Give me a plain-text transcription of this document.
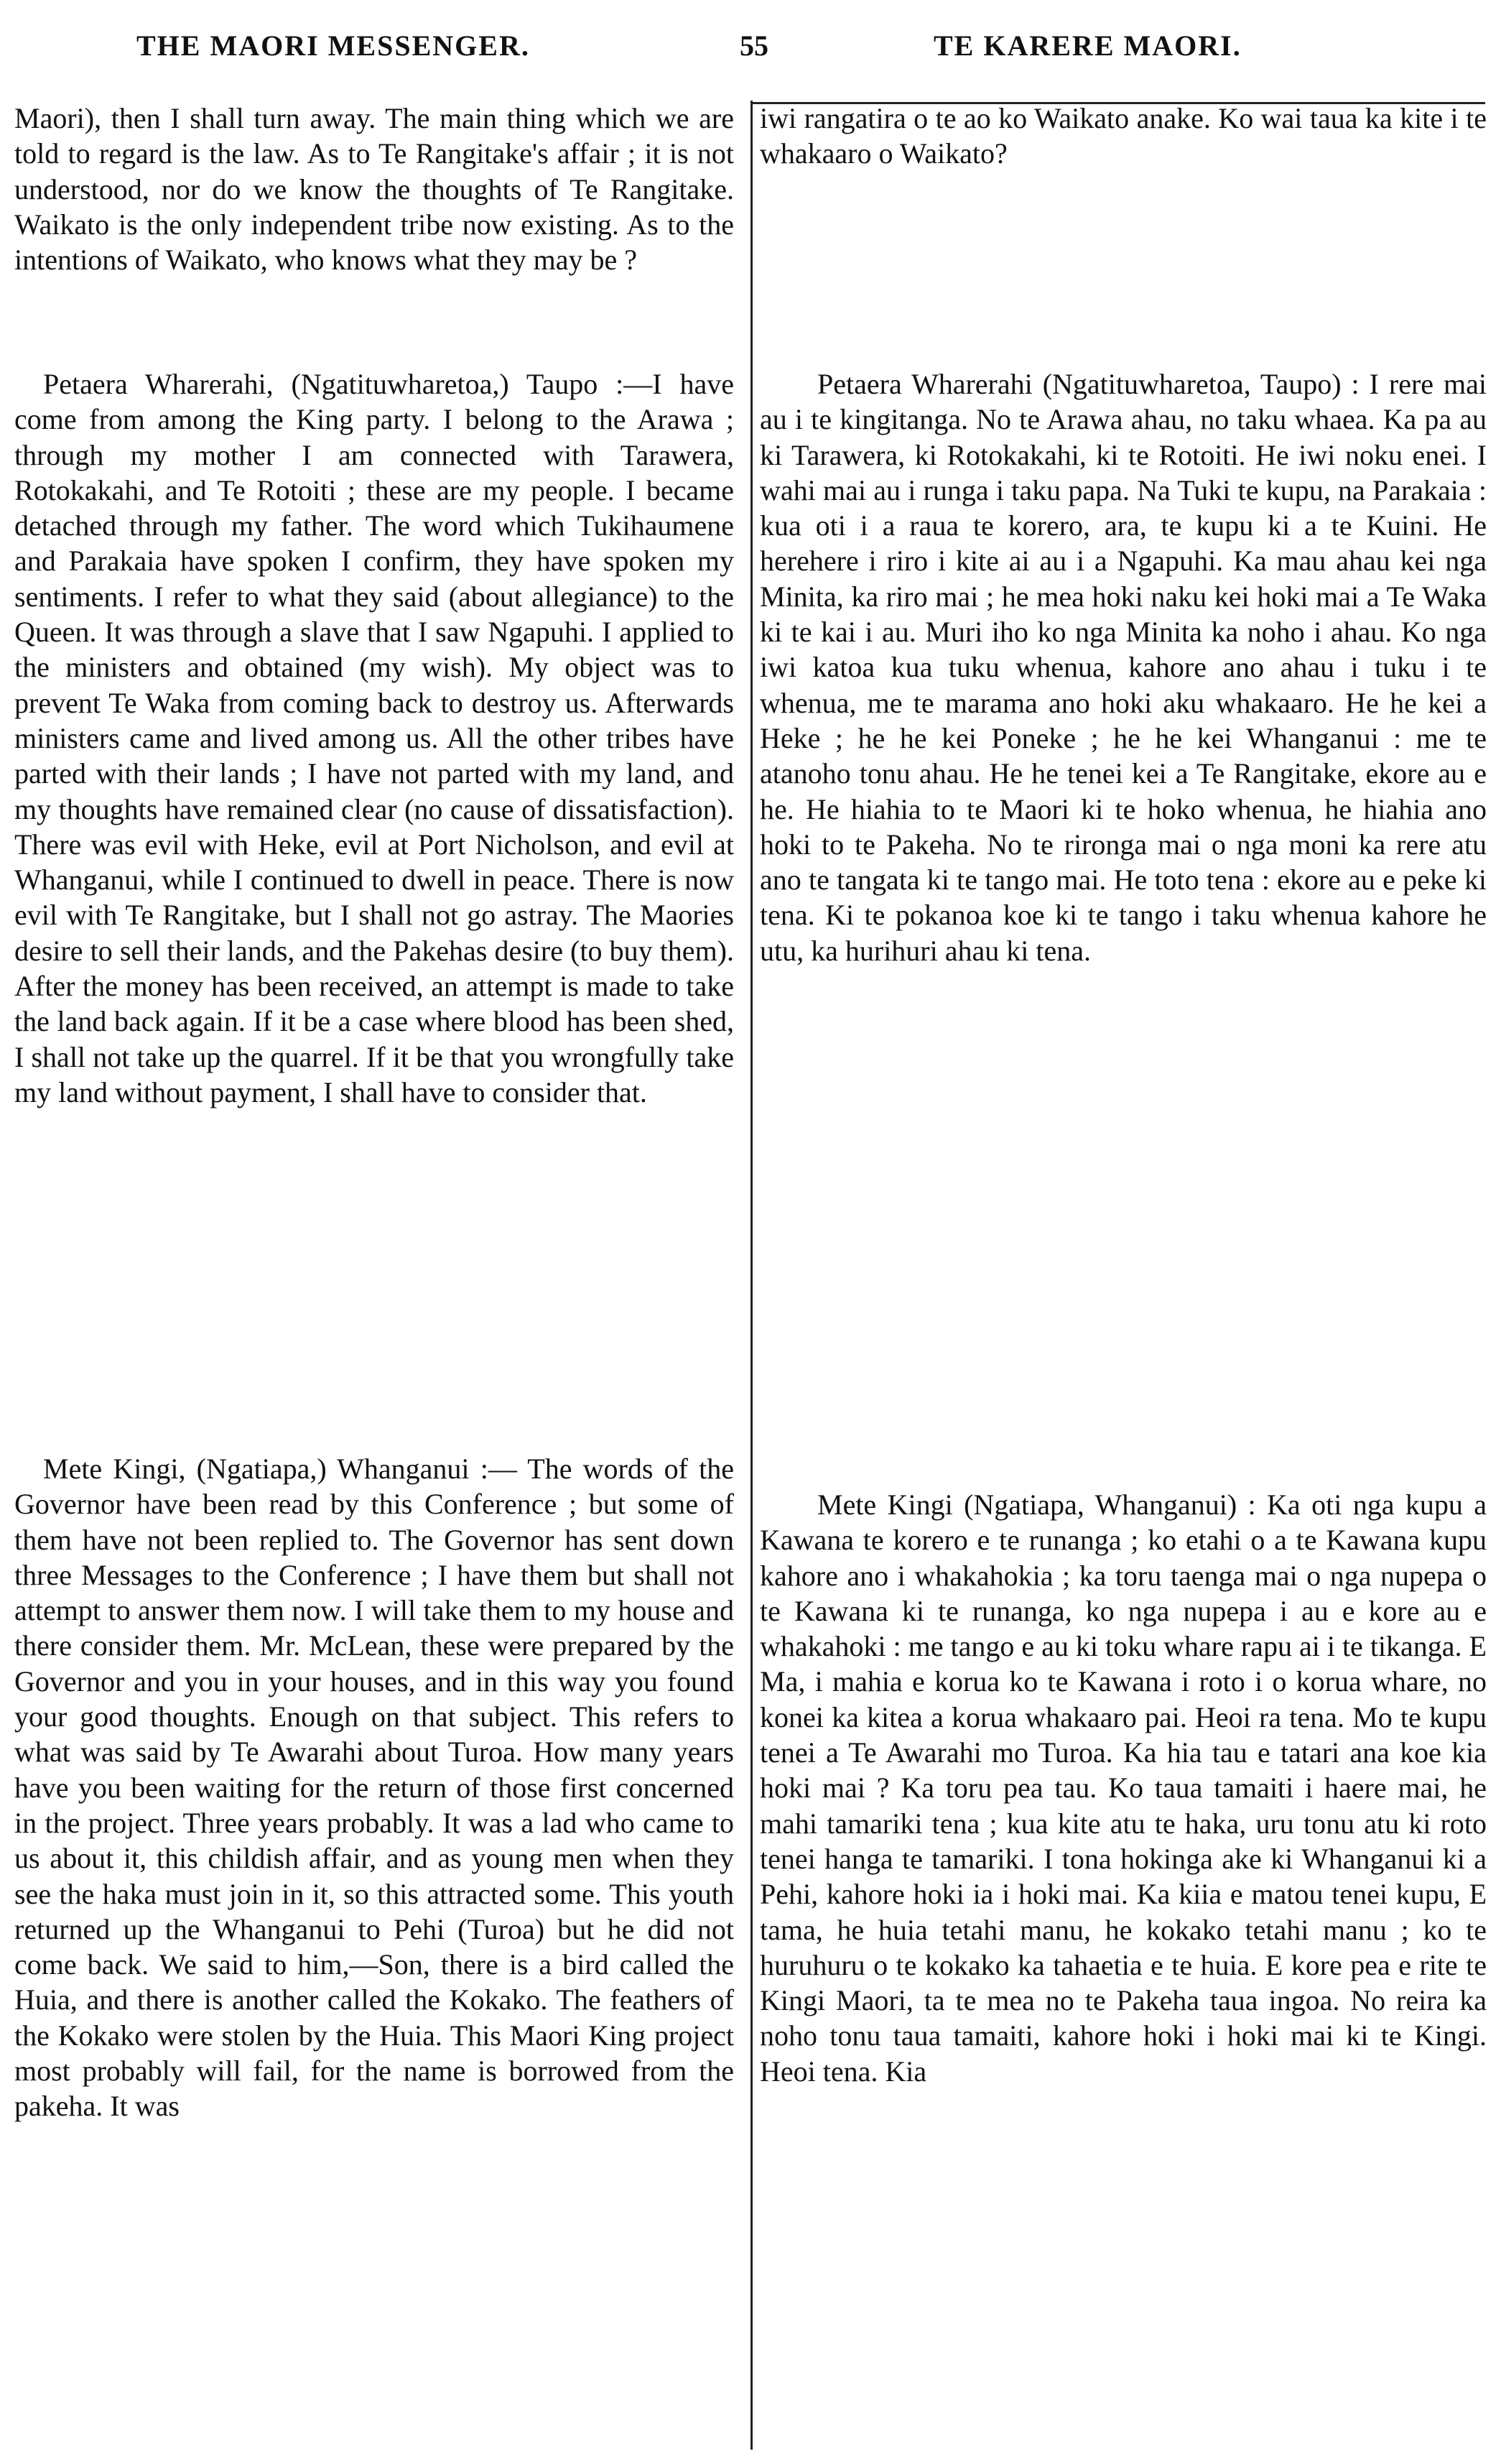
THE MAORI MESSENGER.	55	TE KARERE MAORI.

Maori), then I shall turn away. The main thing which we are told to regard is the law. As to Te Rangitake's affair ; it is not understood, nor do we know the thoughts of Te Rangitake. Waikato is the only independent tribe now existing. As to the intentions of Waikato, who knows what they may be ?

Petaera Wharerahi, (Ngatituwharetoa,) Taupo :—I have come from among the King party. I belong to the Arawa ; through my mother I am connected with Tarawera, Rotokakahi, and Te Rotoiti ; these are my people. I became detached through my father. The word which Tukihaumene and Parakaia have spoken I confirm, they have spoken my sentiments. I refer to what they said (about allegiance) to the Queen. It was through a slave that I saw Ngapuhi. I applied to the ministers and obtained (my wish). My object was to prevent Te Waka from coming back to destroy us. Afterwards ministers came and lived among us. All the other tribes have parted with their lands ; I have not parted with my land, and my thoughts have remained clear (no cause of dissatisfaction). There was evil with Heke, evil at Port Nicholson, and evil at Whanganui, while I continued to dwell in peace. There is now evil with Te Rangitake, but I shall not go astray. The Maories desire to sell their lands, and the Pakehas desire (to buy them). After the money has been received, an attempt is made to take the land back again. If it be a case where blood has been shed, I shall not take up the quarrel. If it be that you wrongfully take my land without payment, I shall have to consider that.

Mete Kingi, (Ngatiapa,) Whanganui :— The words of the Governor have been read by this Conference ; but some of them have not been replied to. The Governor has sent down three Messages to the Conference ; I have them but shall not attempt to answer them now. I will take them to my house and there consider them. Mr. McLean, these were prepared by the Governor and you in your houses, and in this way you found your good thoughts. Enough on that subject. This refers to what was said by Te Awarahi about Turoa. How many years have you been waiting for the return of those first concerned in the project. Three years probably. It was a lad who came to us about it, this childish affair, and as young men when they see the haka must join in it, so this attracted some. This youth returned up the Whanganui to Pehi (Turoa) but he did not come back. We said to him,—Son, there is a bird called the Huia, and there is another called the Kokako. The feathers of the Kokako were stolen by the Huia. This Maori King project most probably will fail, for the name is borrowed from the pakeha. It was

iwi rangatira o te ao ko Waikato anake. Ko wai taua ka kite i te whakaaro o Waikato?

Petaera Wharerahi (Ngatituwharetoa, Taupo) : I rere mai au i te kingitanga. No te Arawa ahau, no taku whaea. Ka pa au ki Tarawera, ki Rotokakahi, ki te Rotoiti. He iwi noku enei. I wahi mai au i runga i taku papa. Na Tuki te kupu, na Parakaia : kua oti i a raua te korero, ara, te kupu ki a te Kuini. He herehere i riro i kite ai au i a Ngapuhi. Ka mau ahau kei nga Minita, ka riro mai ; he mea hoki naku kei hoki mai a Te Waka ki te kai i au. Muri iho ko nga Minita ka noho i ahau. Ko nga iwi katoa kua tuku whenua, kahore ano ahau i tuku i te whenua, me te marama ano hoki aku whakaaro. He he kei a Heke ; he he kei Poneke ; he he kei Whanganui : me te atanoho tonu ahau. He he tenei kei a Te Rangitake, ekore au e he. He hiahia to te Maori ki te hoko whenua, he hiahia ano hoki to te Pakeha. No te rironga mai o nga moni ka rere atu ano te tangata ki te tango mai. He toto tena : ekore au e peke ki tena. Ki te pokanoa koe ki te tango i taku whenua kahore he utu, ka hurihuri ahau ki tena.

Mete Kingi (Ngatiapa, Whanganui) : Ka oti nga kupu a Kawana te korero e te runanga ; ko etahi o a te Kawana kupu kahore ano i whakahokia ; ka toru taenga mai o nga nupepa o te Kawana ki te runanga, ko nga nupepa i au e kore au e whakahoki : me tango e au ki toku whare rapu ai i te tikanga. E Ma, i mahia e korua ko te Kawana i roto i o korua whare, no konei ka kitea a korua whakaaro pai. Heoi ra tena. Mo te kupu tenei a Te Awarahi mo Turoa. Ka hia tau e tatari ana koe kia hoki mai ? Ka toru pea tau. Ko taua tamaiti i haere mai, he mahi tamariki tena ; kua kite atu te haka, uru tonu atu ki roto tenei hanga te tamariki. I tona hokinga ake ki Whanganui ki a Pehi, kahore hoki ia i hoki mai. Ka kiia e matou tenei kupu, E tama, he huia tetahi manu, he kokako tetahi manu ; ko te huruhuru o te kokako ka tahaetia e te huia. E kore pea e rite te Kingi Maori, ta te mea no te Pakeha taua ingoa. No reira ka noho tonu taua tamaiti, kahore hoki i hoki mai ki te Kingi. Heoi tena. Kia
